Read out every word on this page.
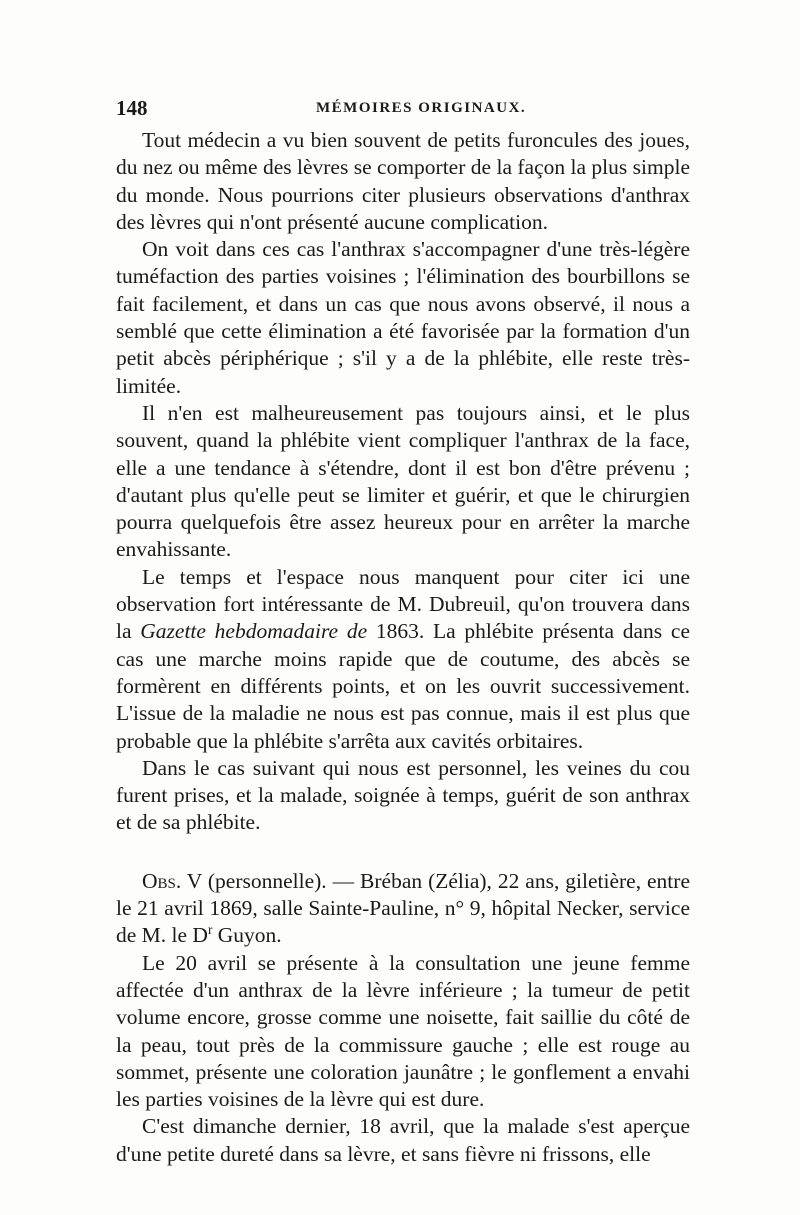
148	MÉMOIRES ORIGINAUX.

Tout médecin a vu bien souvent de petits furoncules des joues, du nez ou même des lèvres se comporter de la façon la plus simple du monde. Nous pourrions citer plusieurs observations d'anthrax des lèvres qui n'ont présenté aucune complication.

On voit dans ces cas l'anthrax s'accompagner d'une très-légère tuméfaction des parties voisines ; l'élimination des bourbillons se fait facilement, et dans un cas que nous avons observé, il nous a semblé que cette élimination a été favorisée par la formation d'un petit abcès périphérique ; s'il y a de la phlébite, elle reste très-limitée.

Il n'en est malheureusement pas toujours ainsi, et le plus souvent, quand la phlébite vient compliquer l'anthrax de la face, elle a une tendance à s'étendre, dont il est bon d'être prévenu ; d'autant plus qu'elle peut se limiter et guérir, et que le chirurgien pourra quelquefois être assez heureux pour en arrêter la marche envahissante.

Le temps et l'espace nous manquent pour citer ici une observation fort intéressante de M. Dubreuil, qu'on trouvera dans la Gazette hebdomadaire de 1863. La phlébite présenta dans ce cas une marche moins rapide que de coutume, des abcès se formèrent en différents points, et on les ouvrit successivement. L'issue de la maladie ne nous est pas connue, mais il est plus que probable que la phlébite s'arrêta aux cavités orbitaires.

Dans le cas suivant qui nous est personnel, les veines du cou furent prises, et la malade, soignée à temps, guérit de son anthrax et de sa phlébite.

Obs. V (personnelle). — Bréban (Zélia), 22 ans, giletière, entre le 21 avril 1869, salle Sainte-Pauline, n° 9, hôpital Necker, service de M. le $D^r$ Guyon.

Le 20 avril se présente à la consultation une jeune femme affectée d'un anthrax de la lèvre inférieure ; la tumeur de petit volume encore, grosse comme une noisette, fait saillie du côté de la peau, tout près de la commissure gauche ; elle est rouge au sommet, présente une coloration jaunâtre ; le gonflement a envahi les parties voisines de la lèvre qui est dure.

C'est dimanche dernier, 18 avril, que la malade s'est aperçue d'une petite dureté dans sa lèvre, et sans fièvre ni frissons, elle
